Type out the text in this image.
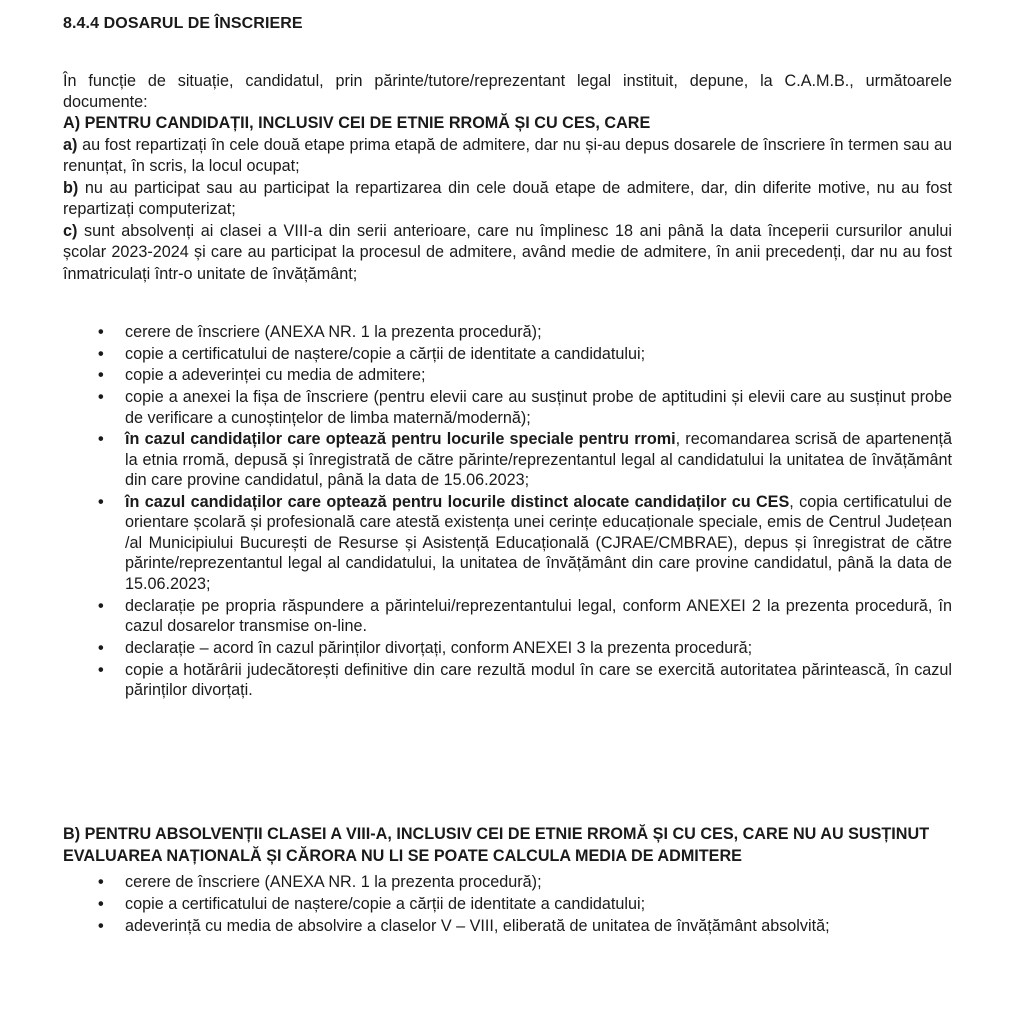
8.4.4 DOSARUL DE ÎNSCRIERE

În funcție de situație, candidatul, prin părinte/tutore/reprezentant legal instituit, depune, la C.A.M.B., următoarele documente:

A) PENTRU CANDIDAȚII, INCLUSIV CEI DE ETNIE RROMĂ ȘI CU CES, CARE

a) au fost repartizați în cele două etape prima etapă de admitere, dar nu și-au depus dosarele de înscriere în termen sau au renunțat, în scris, la locul ocupat;

b) nu au participat sau au participat la repartizarea din cele două etape de admitere, dar, din diferite motive, nu au fost repartizați computerizat;

c) sunt absolvenți ai clasei a VIII-a din serii anterioare, care nu împlinesc 18 ani până la data începerii cursurilor anului școlar 2023-2024 și care au participat la procesul de admitere, având medie de admitere, în anii precedenți, dar nu au fost înmatriculați într-o unitate de învățământ;

• cerere de înscriere (ANEXA NR. 1 la prezenta procedură);
• copie a certificatului de naștere/copie a cărții de identitate a candidatului;
• copie a adeverinței cu media de admitere;
• copie a anexei la fișa de înscriere (pentru elevii care au susținut probe de aptitudini și elevii care au susținut probe de verificare a cunoștințelor de limba maternă/modernă);
• în cazul candidaților care optează pentru locurile speciale pentru rromi, recomandarea scrisă de apartenență la etnia rromă, depusă și înregistrată de către părinte/reprezentantul legal al candidatului la unitatea de învățământ din care provine candidatul, până la data de 15.06.2023;
• în cazul candidaților care optează pentru locurile distinct alocate candidaților cu CES, copia certificatului de orientare școlară și profesională care atestă existența unei cerințe educaționale speciale, emis de Centrul Județean /al Municipiului București de Resurse și Asistență Educațională (CJRAE/CMBRAE), depus și înregistrat de către părinte/reprezentantul legal al candidatului, la unitatea de învățământ din care provine candidatul, până la data de 15.06.2023;
• declarație pe propria răspundere a părintelui/reprezentantului legal, conform ANEXEI 2 la prezenta procedură, în cazul dosarelor transmise on-line.
• declarație – acord în cazul părinților divorțați, conform ANEXEI 3 la prezenta procedură;
• copie a hotărârii judecătorești definitive din care rezultă modul în care se exercită autoritatea părintească, în cazul părinților divorțați.

B) PENTRU ABSOLVENȚII CLASEI A VIII-A, INCLUSIV CEI DE ETNIE RROMĂ ȘI CU CES, CARE NU AU SUSȚINUT EVALUAREA NAȚIONALĂ ȘI CĂRORA NU LI SE POATE CALCULA MEDIA DE ADMITERE

• cerere de înscriere (ANEXA NR. 1 la prezenta procedură);
• copie a certificatului de naștere/copie a cărții de identitate a candidatului;
• adeverință cu media de absolvire a claselor V – VIII, eliberată de unitatea de învățământ absolvită;
